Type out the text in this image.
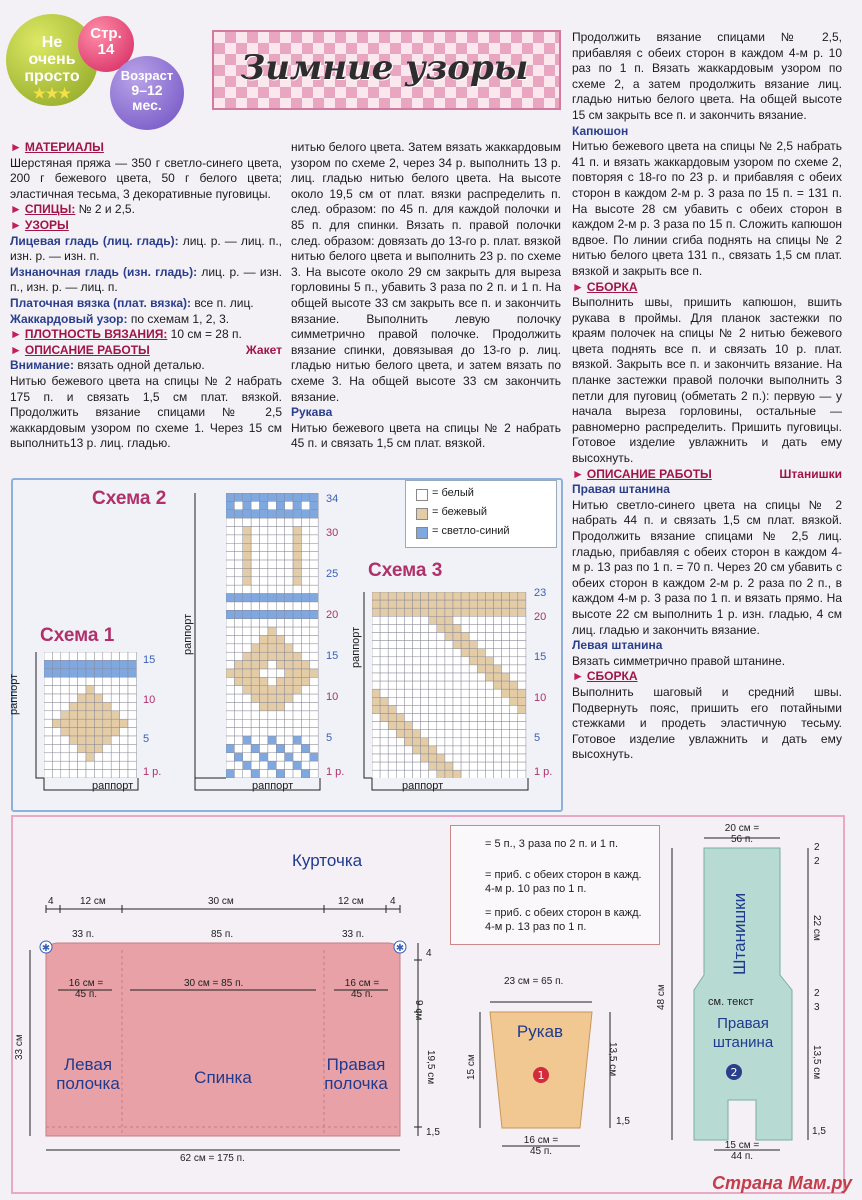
Не
очень
просто
★★★
Стр. 14
Возраст
9–12 мес.
Зимние узоры

► МАТЕРИАЛЫ

Шерстяная пряжа — 350 г светло-синего цвета, 200 г бежевого цвета, 50 г белого цвета; эластичная тесьма, 3 декоративные пуговицы.

► СПИЦЫ: № 2 и 2,5.

► УЗОРЫ

Лицевая гладь (лиц. гладь): лиц. р. — лиц. п., изн. р. — изн. п.

Изнаночная гладь (изн. гладь): лиц. р. — изн. п., изн. р. — лиц. п.

Платочная вязка (плат. вязка): все п. лиц.

Жаккардовый узор: по схемам 1, 2, 3.

► ПЛОТНОСТЬ ВЯЗАНИЯ: 10 см = 28 п.

► ОПИСАНИЕ РАБОТЫ	Жакет

Внимание: вязать одной деталью.

Нитью бежевого цвета на спицы № 2 набрать 175 п. и связать 1,5 см плат. вязкой. Продолжить вязание спицами № 2,5 жаккардовым узором по схеме 1. Через 15 см выполнить13 р. лиц. гладью.

нитью белого цвета. Затем вязать жаккардовым узором по схеме 2, через 34 р. выполнить 13 р. лиц. гладью нитью белого цвета. На высоте около 19,5 см от плат. вязки распределить п. след. образом: по 45 п. для каждой полочки и 85 п. для спинки. Вязать п. правой полочки след. образом: довязать до 13-го р. плат. вязкой нитью белого цвета и выполнить 23 р. по схеме 3. На высоте около 29 см закрыть для выреза горловины 5 п., убавить 3 раза по 2 п. и 1 п. На общей высоте 33 см закрыть все п. и закончить вязание. Выполнить левую полочку симметрично правой полочке. Продолжить вязание спинки, довязывая до 13-го р. лиц. гладью нитью белого цвета, и затем вязать по схеме 3. На общей высоте 33 см закончить вязание.

Рукава

Нитью бежевого цвета на спицы № 2 набрать 45 п. и связать 1,5 см плат. вязкой.

Продолжить вязание спицами № 2,5, прибавляя с обеих сторон в каждом 4-м р. 10 раз по 1 п. Вязать жаккардовым узором по схеме 2, а затем продолжить вязание лиц. гладью нитью белого цвета. На общей высоте 15 см закрыть все п. и закончить вязание.

Капюшон

Нитью бежевого цвета на спицы № 2,5 набрать 41 п. и вязать жаккардовым узором по схеме 2, повторяя с 18-го по 23 р. и прибавляя с обеих сторон в каждом 2-м р. 3 раза по 15 п. = 131 п. На высоте 28 см убавить с обеих сторон в каждом 2-м р. 3 раза по 15 п. Сложить капюшон вдвое. По линии сгиба поднять на спицы № 2 нитью белого цвета 131 п., связать 1,5 см плат. вязкой и закрыть все п.

► СБОРКА

Выполнить швы, пришить капюшон, вшить рукава в проймы. Для планок застежки по краям полочек на спицы № 2 нитью бежевого цвета поднять все п. и связать 10 р. плат. вязкой. Закрыть все п. и закончить вязание. На планке застежки правой полочки выполнить 3 петли для пуговиц (обметать 2 п.): первую — у начала выреза горловины, остальные —равномерно распределить. Пришить пуговицы. Готовое изделие увлажнить и дать ему высохнуть.

► ОПИСАНИЕ РАБОТЫ	Штанишки

Правая штанина

Нитью светло-синего цвета на спицы № 2 набрать 44 п. и связать 1,5 см плат. вязкой. Продолжить вязание спицами № 2,5 лиц. гладью, прибавляя с обеих сторон в каждом 4-м р. 13 раз по 1 п. = 70 п. Через 20 см убавить с обеих сторон в каждом 2-м р. 2 раза по 2 п., в каждом 4-м р. 3 раза по 1 п. и вязать прямо. На высоте 22 см выполнить 1 р. изн. гладью, 4 см лиц. гладью и закончить вязание.

Левая штанина

Вязать симметрично правой штанине.

► СБОРКА

Выполнить шаговый и средний швы. Подвернуть пояс, пришить его потайными стежками и продеть эластичную тесьму. Готовое изделие увлажнить и дать ему высохнуть.

Схема 1
Схема 2
Схема 3
15
10
5
1 р.
34
30
25
20
15
10
5
1 р.
23
20
15
10
5
1 р.
раппорт
раппорт
раппорт
раппорт
раппорт
раппорт
= белый
= бежевый
= светло-синий
Курточка
✱	✱
1	2
4	12 см	30 см	12 см	4
33 п.	85 п.	33 п.
16 см = 45 п.
30 см = 85 п.	16 см = 45 п.
33 см
4
9 см
19,5 см
1,5
Левая полочка	Спинка
Правая полочка
62 см = 175 п.
= 5 п., 3 раза по 2 п. и 1 п.
= приб. с обеих сторон в кажд. 4-м р. 10 раз по 1 п.
= приб. с обеих сторон в кажд. 4-м р. 13 раз по 1 п.
23 см = 65 п.
Рукав
15 см	13,5 см
1,5
16 см = 45 п.
20 см = 56 п.
Штанишки
см. текст
Правая штанина
48 см
2
2
22 см
2
3
13,5 см
1,5
15 см = 44 п.
Страна Мам.ру
